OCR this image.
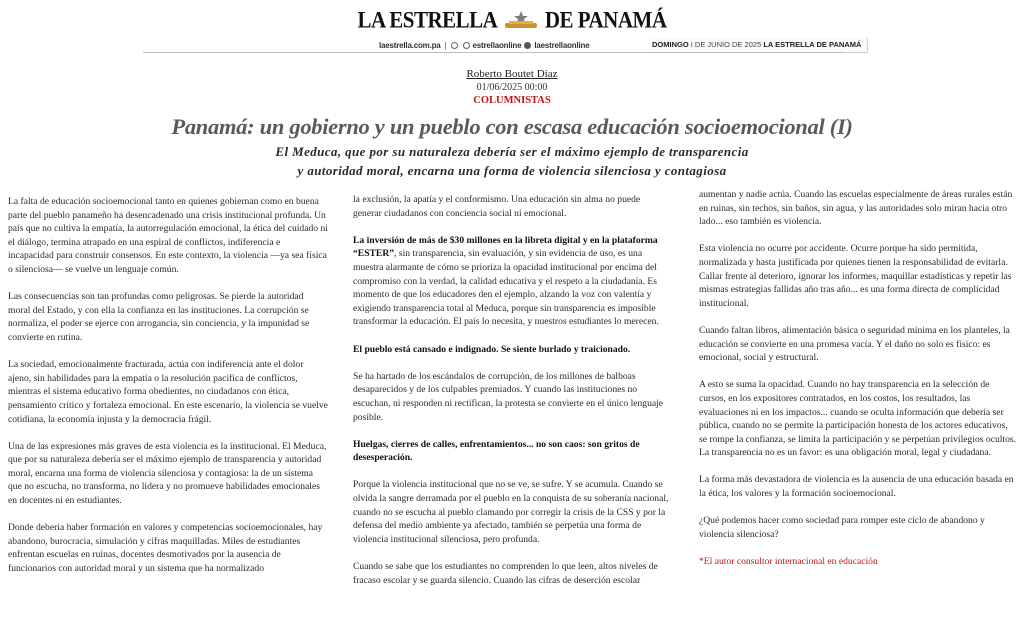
LA ESTRELLA DE PANAMÁ
laestrella.com.pa |	estrellaonline laestrellaonline	DOMINGO I DE JUNIO DE 2025 LA ESTRELLA DE PANAMÁ
Roberto Boutet Díaz
01/06/2025 00:00
COLUMNISTAS
Panamá: un gobierno y un pueblo con escasa educación socioemocional (I)
El Meduca, que por su naturaleza debería ser el máximo ejemplo de transparencia
y autoridad moral, encarna una forma de violencia silenciosa y contagiosa

La falta de educación socioemocional tanto en quienes gobiernan como en buena parte del pueblo panameño ha desencadenado una crisis institucional profunda. Un país que no cultiva la empatía, la autorregulación emocional, la ética del cuidado ni el diálogo, termina atrapado en una espiral de conflictos, indiferencia e incapacidad para construir consensos. En este contexto, la violencia —ya sea física o silenciosa— se vuelve un lenguaje común.

Las consecuencias son tan profundas como peligrosas. Se pierde la autoridad moral del Estado, y con ella la confianza en las instituciones. La corrupción se normaliza, el poder se ejerce con arrogancia, sin conciencia, y la impunidad se convierte en rutina.

La sociedad, emocionalmente fracturada, actúa con indiferencia ante el dolor ajeno, sin habilidades para la empatía o la resolución pacífica de conflictos, mientras el sistema educativo forma obedientes, no ciudadanos con ética, pensamiento crítico y fortaleza emocional. En este escenario, la violencia se vuelve cotidiana, la economía injusta y la democracia frágil.

Una de las expresiones más graves de esta violencia es la institucional. El Meduca, que por su naturaleza debería ser el máximo ejemplo de transparencia y autoridad moral, encarna una forma de violencia silenciosa y contagiosa: la de un sistema que no escucha, no transforma, no lidera y no promueve habilidades emocionales en docentes ni en estudiantes.

Donde debería haber formación en valores y competencias socioemocionales, hay abandono, burocracia, simulación y cifras maquilladas. Miles de estudiantes enfrentan escuelas en ruinas, docentes desmotivados por la ausencia de funcionarios con autoridad moral y un sistema que ha normalizado

la exclusión, la apatía y el conformismo. Una educación sin alma no puede generar ciudadanos con conciencia social ni emocional.

La inversión de más de $30 millones en la libreta digital y en la plataforma “ESTER”, sin transparencia, sin evaluación, y sin evidencia de uso, es una muestra alarmante de cómo se prioriza la opacidad institucional por encima del compromiso con la verdad, la calidad educativa y el respeto a la ciudadanía. Es momento de que los educadores den el ejemplo, alzando la voz con valentía y exigiendo transparencia total al Meduca, porque sin transparencia es imposible transformar la educación. El país lo necesita, y nuestros estudiantes lo merecen.

El pueblo está cansado e indignado. Se siente burlado y traicionado.

Se ha hartado de los escándalos de corrupción, de los millones de balboas desaparecidos y de los culpables premiados. Y cuando las instituciones no escuchan, ni responden ni rectifican, la protesta se convierte en el único lenguaje posible.

Huelgas, cierres de calles, enfrentamientos... no son caos: son gritos de desesperación.

Porque la violencia institucional que no se ve, se sufre. Y se acumula. Cuando se olvida la sangre derramada por el pueblo en la conquista de su soberanía nacional, cuando no se escucha al pueblo clamando por corregir la crisis de la CSS y por la defensa del medio ambiente ya afectado, también se perpetúa una forma de violencia institucional silenciosa, pero profunda.

Cuando se sabe que los estudiantes no comprenden lo que leen, altos niveles de fracaso escolar y se guarda silencio. Cuando las cifras de deserción escolar

aumentan y nadie actúa. Cuando las escuelas especialmente de áreas rurales están en ruinas, sin techos, sin baños, sin agua, y las autoridades solo miran hacia otro lado... eso también es violencia.

Esta violencia no ocurre por accidente. Ocurre porque ha sido permitida, normalizada y hasta justificada por quienes tienen la responsabilidad de evitarla. Callar frente al deterioro, ignorar los informes, maquillar estadísticas y repetir las mismas estrategias fallidas año tras año... es una forma directa de complicidad institucional.

Cuando faltan libros, alimentación básica o seguridad mínima en los planteles, la educación se convierte en una promesa vacía. Y el daño no solo es físico: es emocional, social y estructural.

A esto se suma la opacidad. Cuando no hay transparencia en la selección de cursos, en los expositores contratados, en los costos, los resultados, las evaluaciones ni en los impactos... cuando se oculta información que debería ser pública, cuando no se permite la participación honesta de los actores educativos, se rompe la confianza, se limita la participación y se perpetúan privilegios ocultos. La transparencia no es un favor: es una obligación moral, legal y ciudadana.

La forma más devastadora de violencia es la ausencia de una educación basada en la ética, los valores y la formación socioemocional.

¿Qué podemos hacer como sociedad para romper este ciclo de abandono y violencia silenciosa?

*El autor consultor internacional en educación
